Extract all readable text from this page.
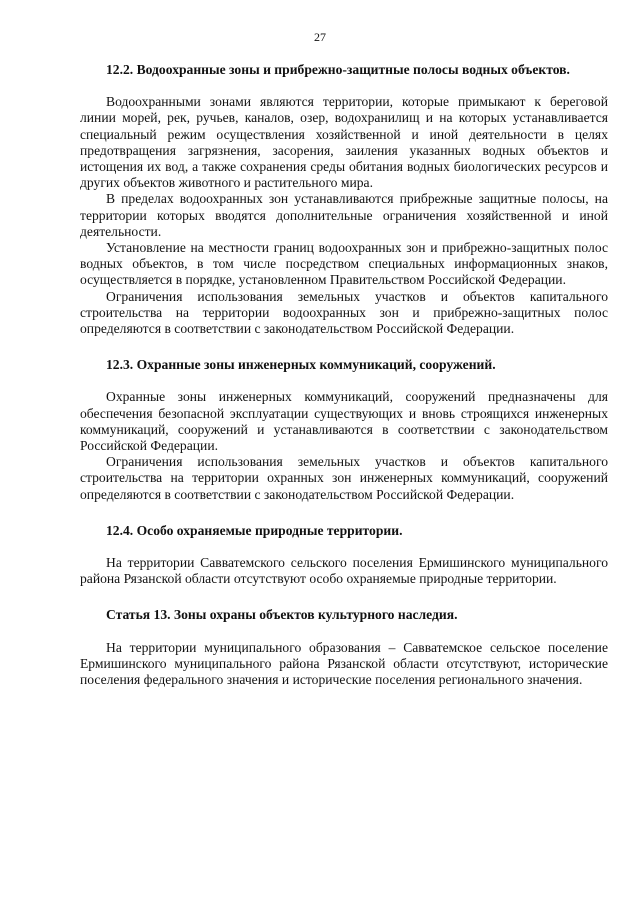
27
12.2. Водоохранные зоны и прибрежно-защитные полосы водных объектов.

Водоохранными зонами являются территории, которые примыкают к береговой линии морей, рек, ручьев, каналов, озер, водохранилищ и на которых устанавливается специальный режим осуществления хозяйственной и иной деятельности в целях предотвращения загрязнения, засорения, заиления указанных водных объектов и истощения их вод, а также сохранения среды обитания водных биологических ресурсов и других объектов животного и растительного мира.

В пределах водоохранных зон устанавливаются прибрежные защитные полосы, на территории которых вводятся дополнительные ограничения хозяйственной и иной деятельности.

Установление на местности границ водоохранных зон и прибрежно-защитных полос водных объектов, в том числе посредством специальных информационных знаков, осуществляется в порядке, установленном Правительством Российской Федерации.

Ограничения использования земельных участков и объектов капитального строительства на территории водоохранных зон и прибрежно-защитных полос определяются в соответствии с законодательством Российской Федерации.

12.3. Охранные зоны инженерных коммуникаций, сооружений.

Охранные зоны инженерных коммуникаций, сооружений предназначены для обеспечения безопасной эксплуатации существующих и вновь строящихся инженерных коммуникаций, сооружений и устанавливаются в соответствии с законодательством Российской Федерации.

Ограничения использования земельных участков и объектов капитального строительства на территории охранных зон инженерных коммуникаций, сооружений определяются в соответствии с законодательством Российской Федерации.

12.4. Особо охраняемые природные территории.

На территории Савватемского сельского поселения Ермишинского муниципального района Рязанской области отсутствуют особо охраняемые природные территории.

Статья 13. Зоны охраны объектов культурного наследия.

На территории муниципального образования – Савватемское сельское поселение Ермишинского муниципального района Рязанской области отсутствуют, исторические поселения федерального значения и исторические поселения регионального значения.
